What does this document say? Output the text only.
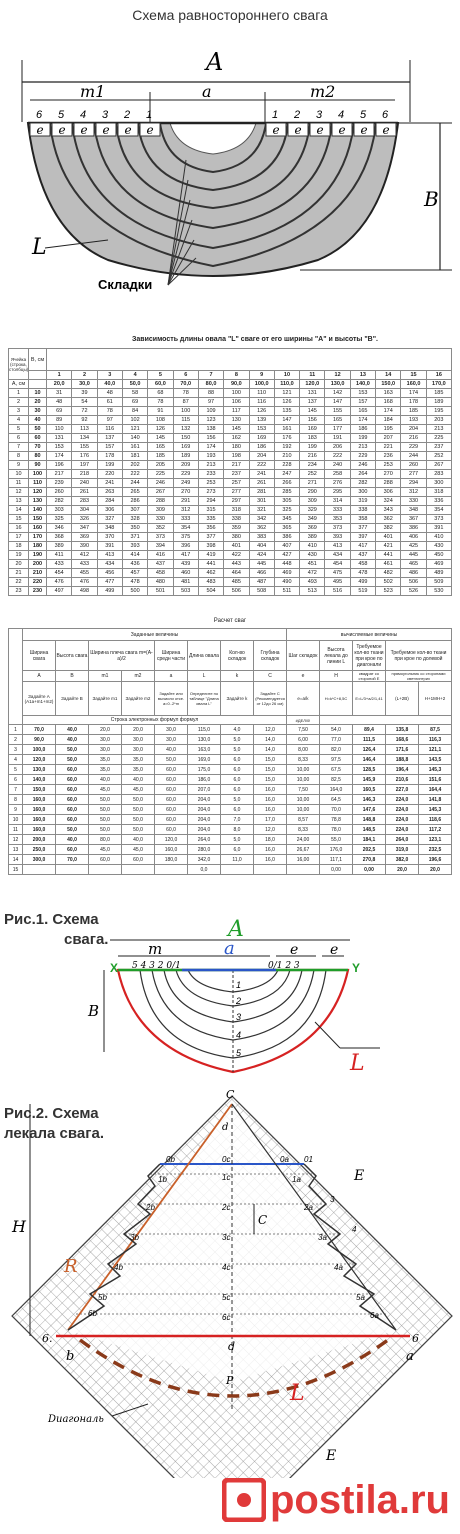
Схема равностороннего свага
A
m1	a	m2
e e e e e e	e e e e e e
6 5 4 3 2 1	1 2 3 4 5 6
B
L
Складки
Зависимость длины овала "L" сваге от его ширины "А" и высоты "В".
Ячейка (строка, столбцы)	B, см																
		1	2	3	4	5	6	7	8	9	10	11	12	13	14	15	16
A, см		20,0	30,0	40,0	50,0	60,0	70,0	80,0	90,0	100,0	110,0	120,0	130,0	140,0	150,0	160,0	170,0
1	10	31	39	48	58	68	78	88	100	110	121	131	142	153	163	174	185
2	20	48	54	61	69	78	87	97	106	116	126	137	147	157	168	178	189
3	30	69	72	78	84	91	100	109	117	126	135	145	155	165	174	185	195
4	40	89	92	97	102	108	115	123	130	139	147	156	165	174	184	193	203
5	50	110	113	116	121	126	132	138	145	153	161	169	177	186	195	204	213
6	60	131	134	137	140	145	150	156	162	169	176	183	191	199	207	216	225
7	70	153	155	157	161	165	169	174	180	186	192	199	206	213	221	229	237
8	80	174	176	178	181	185	189	193	198	204	210	216	222	229	236	244	252
9	90	196	197	199	202	205	209	213	217	222	228	234	240	246	253	260	267
10	100	217	218	220	222	225	229	233	237	241	247	252	258	264	270	277	283
11	110	239	240	241	244	246	249	253	257	261	266	271	276	282	288	294	300
12	120	260	261	263	265	267	270	273	277	281	285	290	295	300	306	312	318
13	130	282	283	284	286	288	291	294	297	301	305	309	314	319	324	330	336
14	140	303	304	306	307	309	312	315	318	321	325	329	333	338	343	348	354
15	150	325	326	327	328	330	333	335	338	342	345	349	353	358	362	367	373
16	160	346	347	348	350	352	354	356	359	362	365	369	373	377	382	386	391
17	170	368	369	370	371	373	375	377	380	383	386	389	393	397	401	406	410
18	180	389	390	391	393	394	396	398	401	404	407	410	413	417	421	425	430
19	190	411	412	413	414	416	417	419	422	424	427	430	434	437	441	445	450
20	200	433	433	434	436	437	439	441	443	445	448	451	454	458	461	465	469
21	210	454	455	456	457	458	460	462	464	466	469	472	475	478	482	486	489
22	220	476	476	477	478	480	481	483	485	487	490	493	495	499	502	506	509
23	230	497	498	499	500	501	503	504	506	508	511	513	516	519	523	526	530
Расчет сваг
	Заданные величины								вычисляемые величины				
	Ширина свага	Высота свага	Ширина плеча свага m=(A-a)/2		Ширина средн части	Длина овала	Кол-во складок	Глубина складок	Шаг складок	Высота лекала до линии L	Требуемое кол-во ткани при крое по диагонали	Требуемое кол-во ткани при крое по долевой	
	A	B	m1	m2	a	L	k	C	e	H	квадрат со стороной E	прямоугольник со сторонами светлинтрих	
	Задайте A (A1a+m1+m2)	Задайте B	Задайте m1	Задайте m2	Задайте или вычисли отсе. a=0..2*m	Определите по таблице "Длина овала L"	Задайте k	Задайте C (Рекомендуется от 12до 26 см)	e=a/k	H=k*C+8,5C	E=L/3+a/2/1,41	(L+2B)	H+1MH+2
	Строка электронных формул формул								#ДЕЛ/0!				
1	70,0	40,0	20,0	20,0	30,0	115,0	4,0	12,0	7,50	54,0	89,4	135,8	87,5
2	90,0	40,0	30,0	30,0	30,0	130,0	5,0	14,0	6,00	77,0	111,5	168,6	116,3
3	100,0	50,0	30,0	30,0	40,0	163,0	5,0	14,0	8,00	82,0	126,4	171,6	121,1
4	120,0	50,0	35,0	35,0	50,0	169,0	6,0	15,0	8,33	97,5	146,4	188,8	143,5
5	130,0	60,0	35,0	35,0	60,0	175,0	6,0	15,0	10,00	67,5	128,5	196,4	145,3
6	140,0	60,0	40,0	40,0	60,0	186,0	6,0	15,0	10,00	82,5	145,9	210,6	151,6
7	150,0	60,0	45,0	45,0	60,0	207,0	6,0	16,0	7,50	164,0	160,5	227,0	164,4
8	160,0	60,0	50,0	50,0	60,0	204,0	5,0	16,0	10,00	64,5	146,3	224,0	141,8
9	160,0	60,0	50,0	50,0	60,0	204,0	6,0	16,0	10,00	70,0	147,6	224,0	145,3
10	160,0	60,0	50,0	50,0	60,0	204,0	7,0	17,0	8,57	78,8	148,8	224,0	118,6
11	160,0	50,0	50,0	50,0	60,0	204,0	8,0	12,0	8,33	78,0	148,5	224,0	117,2
12	200,0	40,0	80,0	40,0	120,0	264,0	5,0	18,0	24,00	55,0	184,1	264,0	123,1
13	250,0	60,0	45,0	45,0	160,0	280,0	6,0	16,0	26,67	176,0	202,5	319,0	232,5
14	300,0	70,0	60,0	60,0	180,0	342,0	11,0	16,0	16,00	117,1	270,8	382,0	196,6
15						0,0				0,00	0,00	20,0	20,0
Рис.1. Схема
свага.	A
m	a	e e
X	Y
5 4 3 2 0/1	0/1 2 3
1
2
3
4
5
B
L
Рис.2. Схема
лекала свага.
H	C
E
E
C
d
R
6.	6
b	a
d
P
L
0c
1c
2c
3c
4c
5c
6c
0b
1b
2b
3b
4b
5b
6b
0a 01
1a
2a
3
3a
4
4a
5a
6a
Dиагональ
postila.ru
